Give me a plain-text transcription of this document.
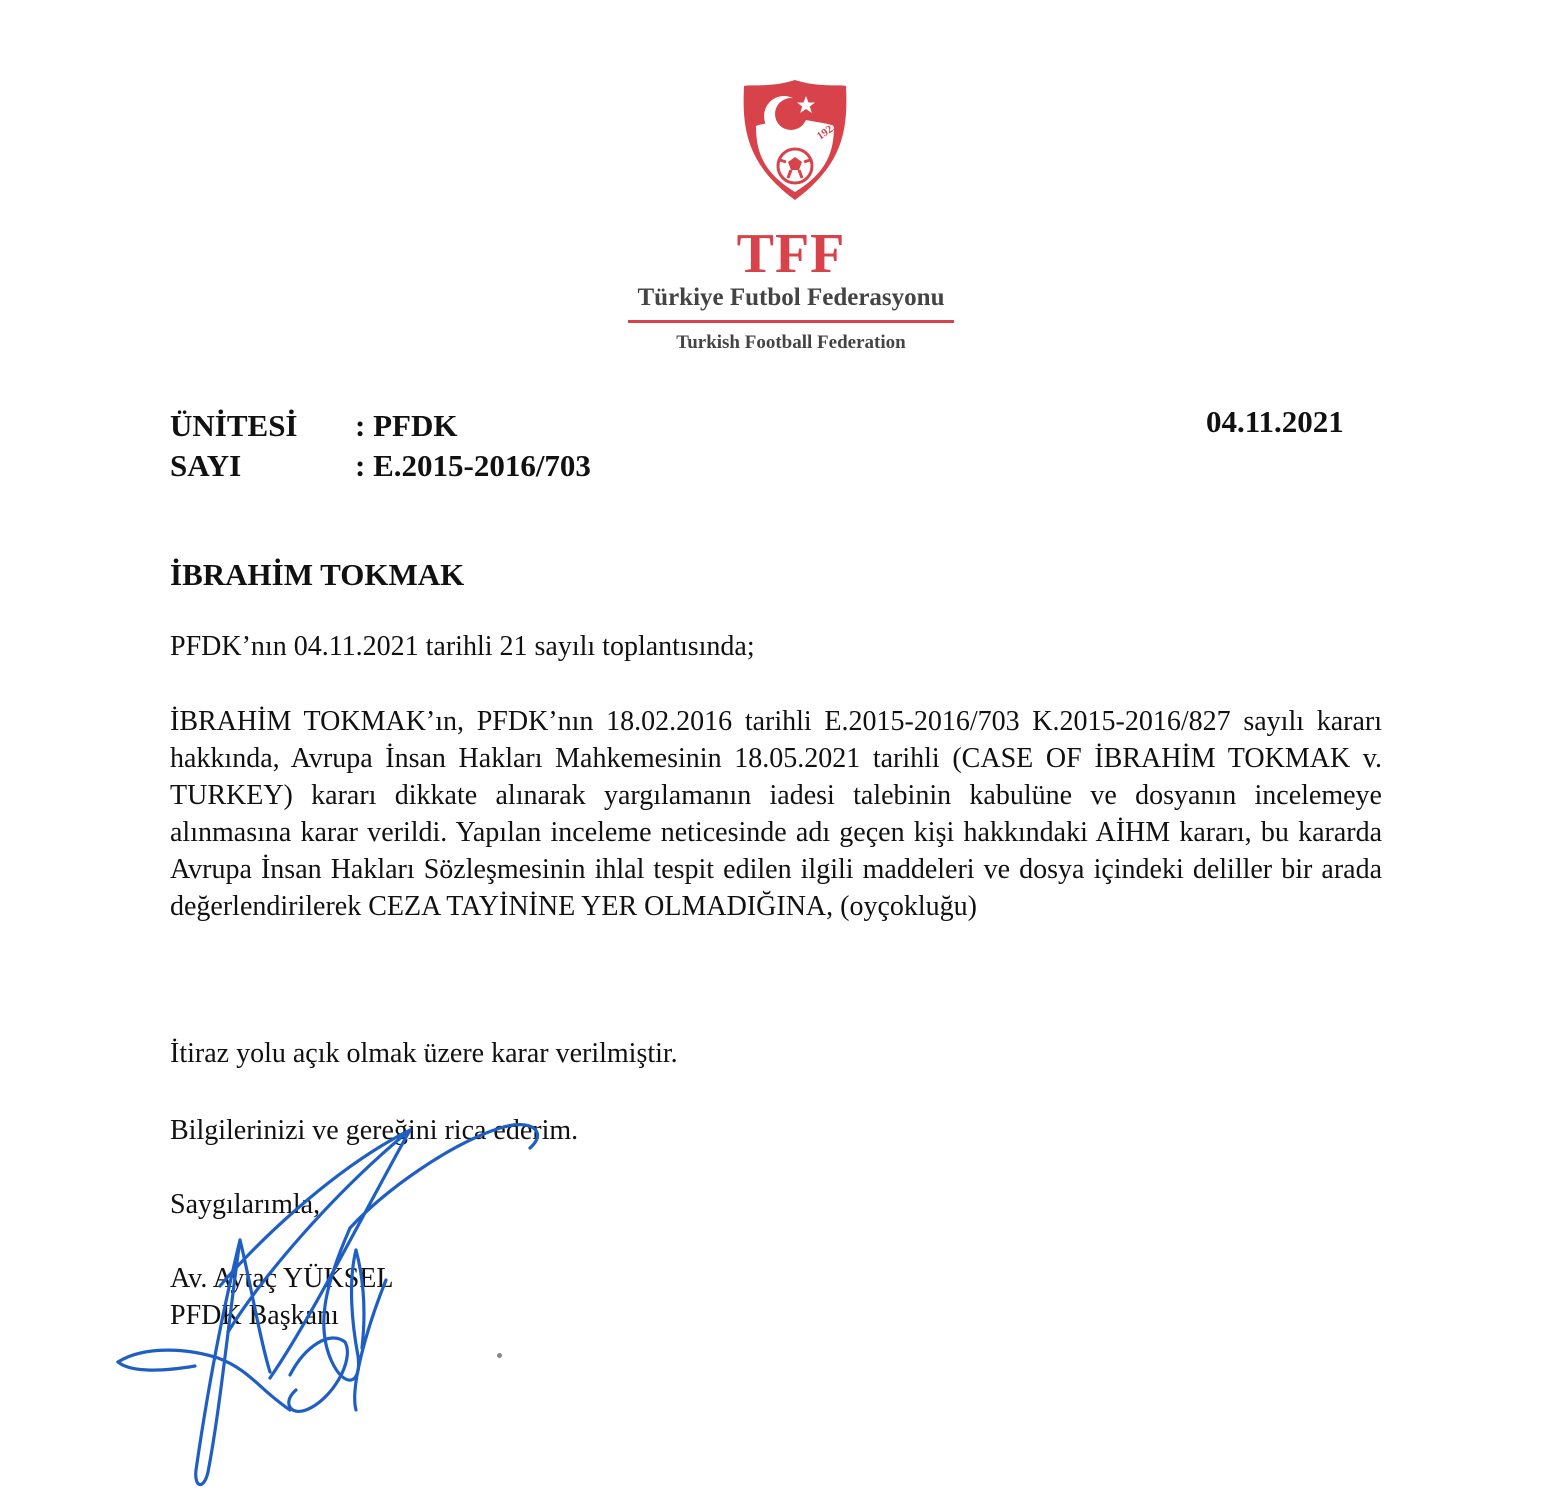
1923
TFF
Türkiye Futbol Federasyonu
Turkish Football Federation
ÜNİTESİ : PFDK
SAYI	: E.2015-2016/703
04.11.2021
İBRAHİM TOKMAK
PFDK’nın 04.11.2021 tarihli 21 sayılı toplantısında;
İBRAHİM TOKMAK’ın, PFDK’nın 18.02.2016 tarihli E.2015-2016/703 K.2015-2016/827 sayılı kararı hakkında, Avrupa İnsan Hakları Mahkemesinin 18.05.2021 tarihli (CASE OF İBRAHİM TOKMAK v. TURKEY) kararı dikkate alınarak yargılamanın iadesi talebinin kabulüne ve dosyanın incelemeye alınmasına karar verildi. Yapılan inceleme neticesinde adı geçen kişi hakkındaki AİHM kararı, bu kararda Avrupa İnsan Hakları Sözleşmesinin ihlal tespit edilen ilgili maddeleri ve dosya içindeki deliller bir arada değerlendirilerek CEZA TAYİNİNE YER OLMADIĞINA, (oyçokluğu)
İtiraz yolu açık olmak üzere karar verilmiştir.
Bilgilerinizi ve gereğini rica ederim.
Saygılarımla,
Av. Aytaç YÜKSEL
PFDK Başkanı
